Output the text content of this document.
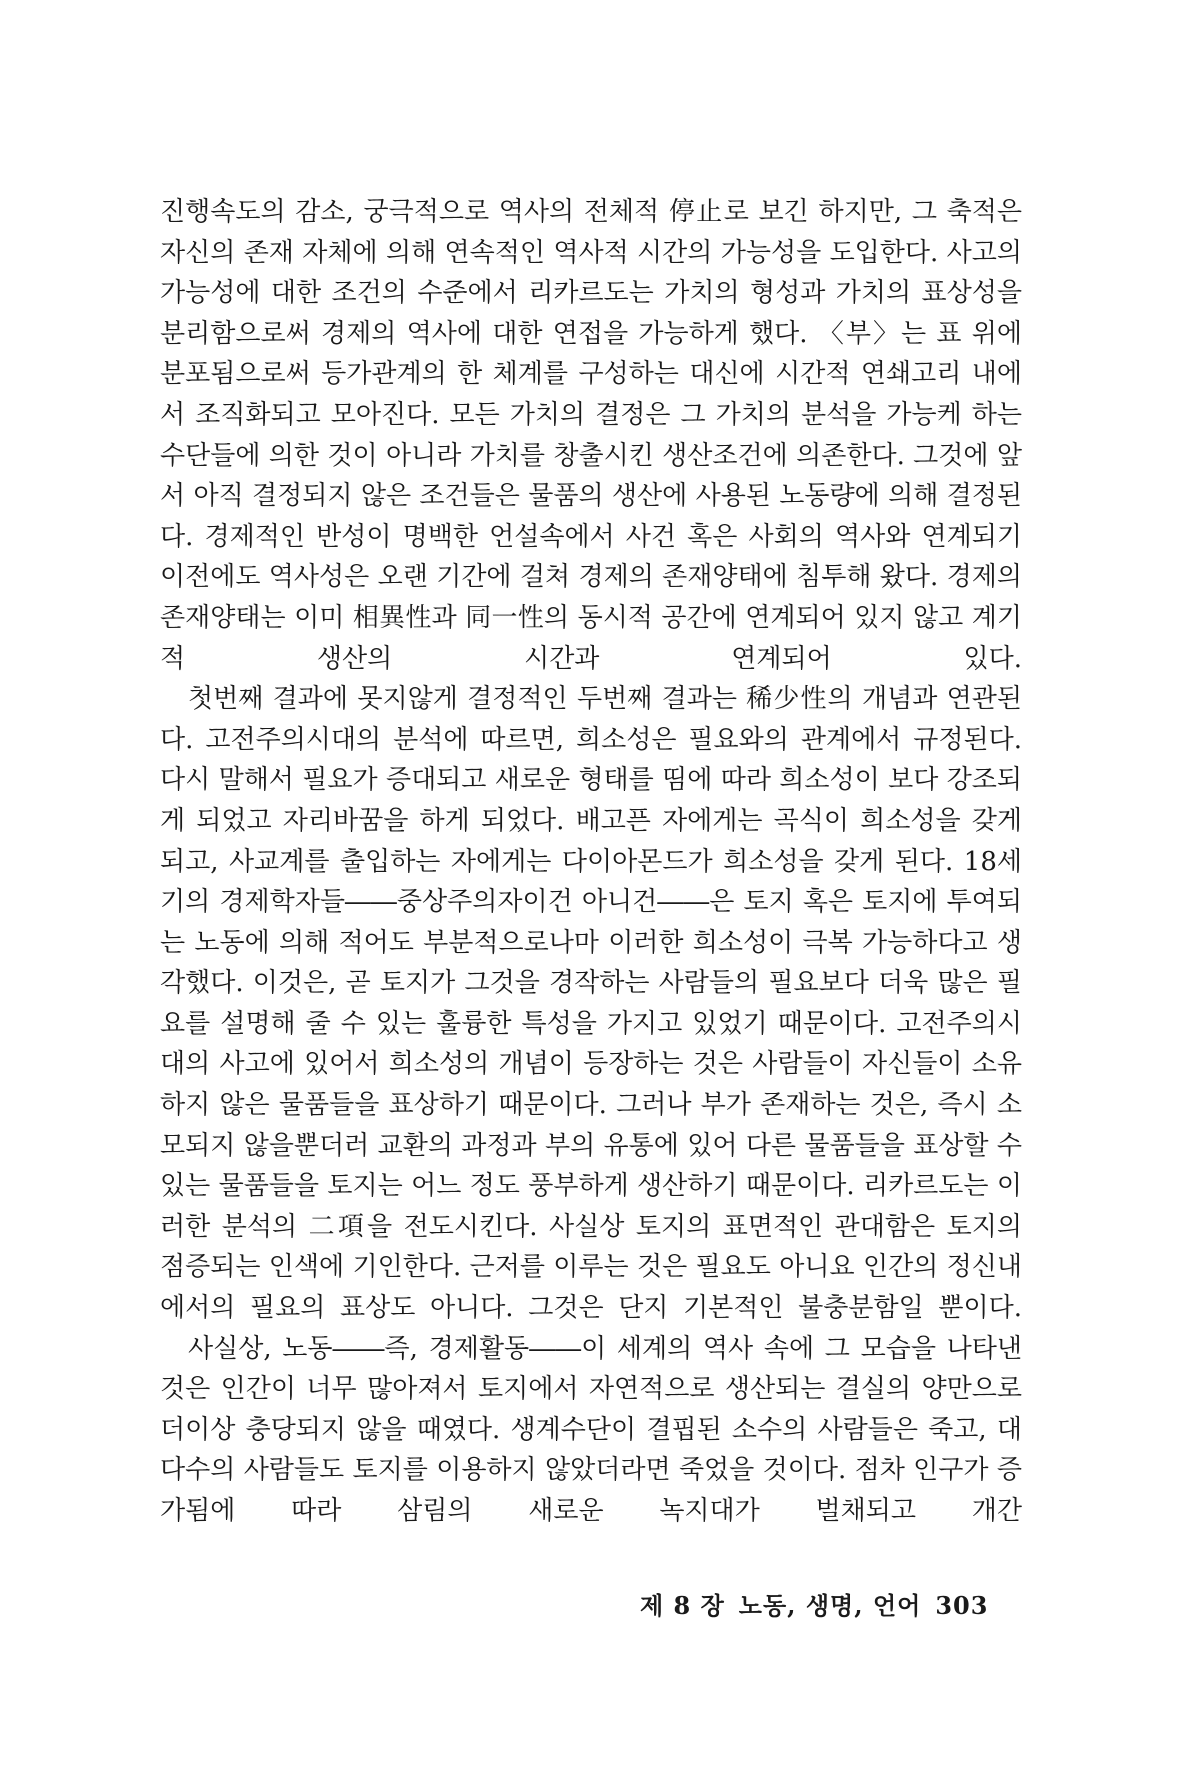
진행속도의 감소, 궁극적으로 역사의 전체적 停止로 보긴 하지만, 그 축적은 자신의 존재 자체에 의해 연속적인 역사적 시간의 가능성을 도입한다. 사고의 가능성에 대한 조건의 수준에서 리카르도는 가치의 형성과 가치의 표상성을 분리함으로써 경제의 역사에 대한 연접을 가능하게 했다. 〈부〉는 표 위에 분포됨으로써 등가관계의 한 체계를 구성하는 대신에 시간적 연쇄고리 내에서 조직화되고 모아진다. 모든 가치의 결정은 그 가치의 분석을 가능케 하는 수단들에 의한 것이 아니라 가치를 창출시킨 생산조건에 의존한다. 그것에 앞서 아직 결정되지 않은 조건들은 물품의 생산에 사용된 노동량에 의해 결정된다. 경제적인 반성이 명백한 언설속에서 사건 혹은 사회의 역사와 연계되기 이전에도 역사성은 오랜 기간에 걸쳐 경제의 존재양태에 침투해 왔다. 경제의 존재양태는 이미 相異性과 同一性의 동시적 공간에 연계되어 있지 않고 계기적 생산의 시간과 연계되어 있다.

첫번째 결과에 못지않게 결정적인 두번째 결과는 稀少性의 개념과 연관된다. 고전주의시대의 분석에 따르면, 희소성은 필요와의 관계에서 규정된다. 다시 말해서 필요가 증대되고 새로운 형태를 띰에 따라 희소성이 보다 강조되게 되었고 자리바꿈을 하게 되었다. 배고픈 자에게는 곡식이 희소성을 갖게 되고, 사교계를 출입하는 자에게는 다이아몬드가 희소성을 갖게 된다. 18세기의 경제학자들――중상주의자이건 아니건――은 토지 혹은 토지에 투여되는 노동에 의해 적어도 부분적으로나마 이러한 희소성이 극복 가능하다고 생각했다. 이것은, 곧 토지가 그것을 경작하는 사람들의 필요보다 더욱 많은 필요를 설명해 줄 수 있는 훌륭한 특성을 가지고 있었기 때문이다. 고전주의시대의 사고에 있어서 희소성의 개념이 등장하는 것은 사람들이 자신들이 소유하지 않은 물품들을 표상하기 때문이다. 그러나 부가 존재하는 것은, 즉시 소모되지 않을뿐더러 교환의 과정과 부의 유통에 있어 다른 물품들을 표상할 수 있는 물품들을 토지는 어느 정도 풍부하게 생산하기 때문이다. 리카르도는 이러한 분석의 二項을 전도시킨다. 사실상 토지의 표면적인 관대함은 토지의 점증되는 인색에 기인한다. 근저를 이루는 것은 필요도 아니요 인간의 정신내에서의 필요의 표상도 아니다. 그것은 단지 기본적인 불충분함일 뿐이다.

사실상, 노동――즉, 경제활동――이 세계의 역사 속에 그 모습을 나타낸 것은 인간이 너무 많아져서 토지에서 자연적으로 생산되는 결실의 양만으로 더이상 충당되지 않을 때였다. 생계수단이 결핍된 소수의 사람들은 죽고, 대다수의 사람들도 토지를 이용하지 않았더라면 죽었을 것이다. 점차 인구가 증가됨에 따라 삼림의 새로운 녹지대가 벌채되고 개간

제 8 장 노동, 생명, 언어 303
